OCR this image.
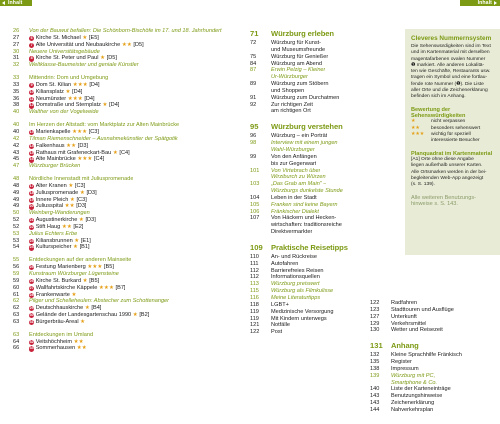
Inhalt	Inhalt
26	Von der Bauwut befallen: Die Schönborn-Bischöfe im 17. und 18. Jahrhundert
27	6 Kirche St. Michael ★ [E5]
27	7 Alte Universität und Neubaukirche ★★ [D5]
30	Neuere Universitätsgebäude
31	8 Kirche St. Peter und Paul ★ [D5]
32	Weltklasse-Baumeister und geniale Künstler
33	Mittendrin: Dom und Umgebung
33	9 Dom St. Kilian ★★★ [D4]
35	10 Kiliansplatz ★ [D4]
36	11 Neumünster ★★★ [D4]
38	12 Domstraße und Sternplatz ★ [D4]
40	Walther von der Vogelweide
40	Im Herzen der Altstadt: vom Marktplatz zur Alten Mainbrücke
40	13 Marienkapelle ★★★ [C3]
42	Tilman Riemenschneider – Ausnahmekünstler der Spätgotik
42	14 Falkenhaus ★★ [D3]
43	15 Rathaus mit Grafeneckart-Bau ★ [C4]
45	16 Alte Mainbrücke ★★★ [C4]
47	Würzburger Brücken
48	Nördliche Innenstadt mit Juliuspromenade
48	17 Alter Kranen ★ [C3]
49	18 Juliuspromenade ★ [D3]
49	19 Innere Pleich ★ [C3]
49	20 Juliusspital ★★ [D3]
50	Weinberg-Wanderungen
52	21 Augustinerkirche ★ [D3]
52	22 Stift Haug ★★ [E2]
53	Julius Echters Erbe
53	23 Kiliansbrunnen ★ [E1]
54	24 Kulturspeicher ★ [B1]
55	Entdeckungen auf der anderen Mainseite
56	25 Festung Marienberg ★★★ [B5]
59	Kunstraum Würzburger Lügensteine
59	26 Kirche St. Burkard ★ [B5]
60	27 Wallfahrtskirche Käppele ★★★ [B7]
61	28 Frankenwarte ★
62	Pilger und Schelleheulen: Abstecher zum Schottenanger
62	29 Deutschhauskirche ★ [B4]
63	30 Gelände der Landesgartenschau 1990 ★ [B2]
63	31 Bürgerbräu-Areal ★
63	Entdeckungen im Umland
64	32 Veitshöchheim ★★
66	33 Sommerhausen ★★
71	Würzburg erleben
72	Würzburg für Kunst-
und Museumsfreunde
75	Würzburg für Genießer
84	Würzburg am Abend
87	Erwin Pelzig – Kleiner
Ur-Würzburger
89	Würzburg zum Stöbern
und Shoppen
91	Würzburg zum Durchatmen
92	Zur richtigen Zeit
am richtigen Ort
95	Würzburg verstehen
96	Würzburg – ein Porträt
98	Interview mit einem jungen
Wahl-Würzburger
99	Von den Anfängen
bis zur Gegenwart
101	Von Virtebrach über
Wirziburch zu Würzen
103	„Das Grab am Main" –
Würzburgs dunkelste Stunde
104	Leben in der Stadt
105	Franken sind keine Bayern
106	Fränkischer Dialekt
107	Von Häckern und Hecken-
wirtschaften: traditionsreiche
Direktvermarkter
109	Praktische Reisetipps
110	An- und Rückreise
111	Autofahren
112	Barrierefreies Reisen
112	Informationsquellen
113	Würzburg preiswert
115	Würzburg als Filmkulisse
116	Meine Literaturtipps
118	LGBT+
119	Medizinische Versorgung
119	Mit Kindern unterwegs
121	Notfälle
122	Post
122	Radfahren
123	Stadttouren und Ausflüge
127	Unterkunft
129	Verkehrsmittel
130	Wetter und Reisezeit
131	Anhang
132	Kleine Sprachhilfe Fränkisch
135	Register
138	Impressum
139	Würzburg mit PC,
Smartphone & Co.
140	Liste der Karteneinträge
143	Benutzungshinweise
143	Zeichenerklärung
144	Nahverkehrsplan
Cleveres Nummernsystem
Die Sehenswürdigkeiten sind im Text
und im Kartenmaterial mit derselben
magentafarbenen ovalen Nummer
❶ markiert. Alle anderen Lokalitä-
ten wie Geschäfte, Restaurants usw.
tragen ein Symbol und eine fortlau-
fende rote Nummer (❶). Die Liste
aller Orte und die Zeichenerklärung
befinden sich im Anhang.
Bewertung der
Sehenswürdigkeiten
★	nicht verpassen
★★	besonders sehenswert
★★★	wichtig für speziell
interessierte Besucher
Planquadrat im Kartenmaterial
[A1] Orte ohne diese Angabe
liegen außerhalb unserer Karten.
Alle Ortsmarken werden in der bei-
begleitenden Web-App angezeigt
(s. S. 139).
Alle weiteren Benutzungs-
hinweise s. S. 143.
